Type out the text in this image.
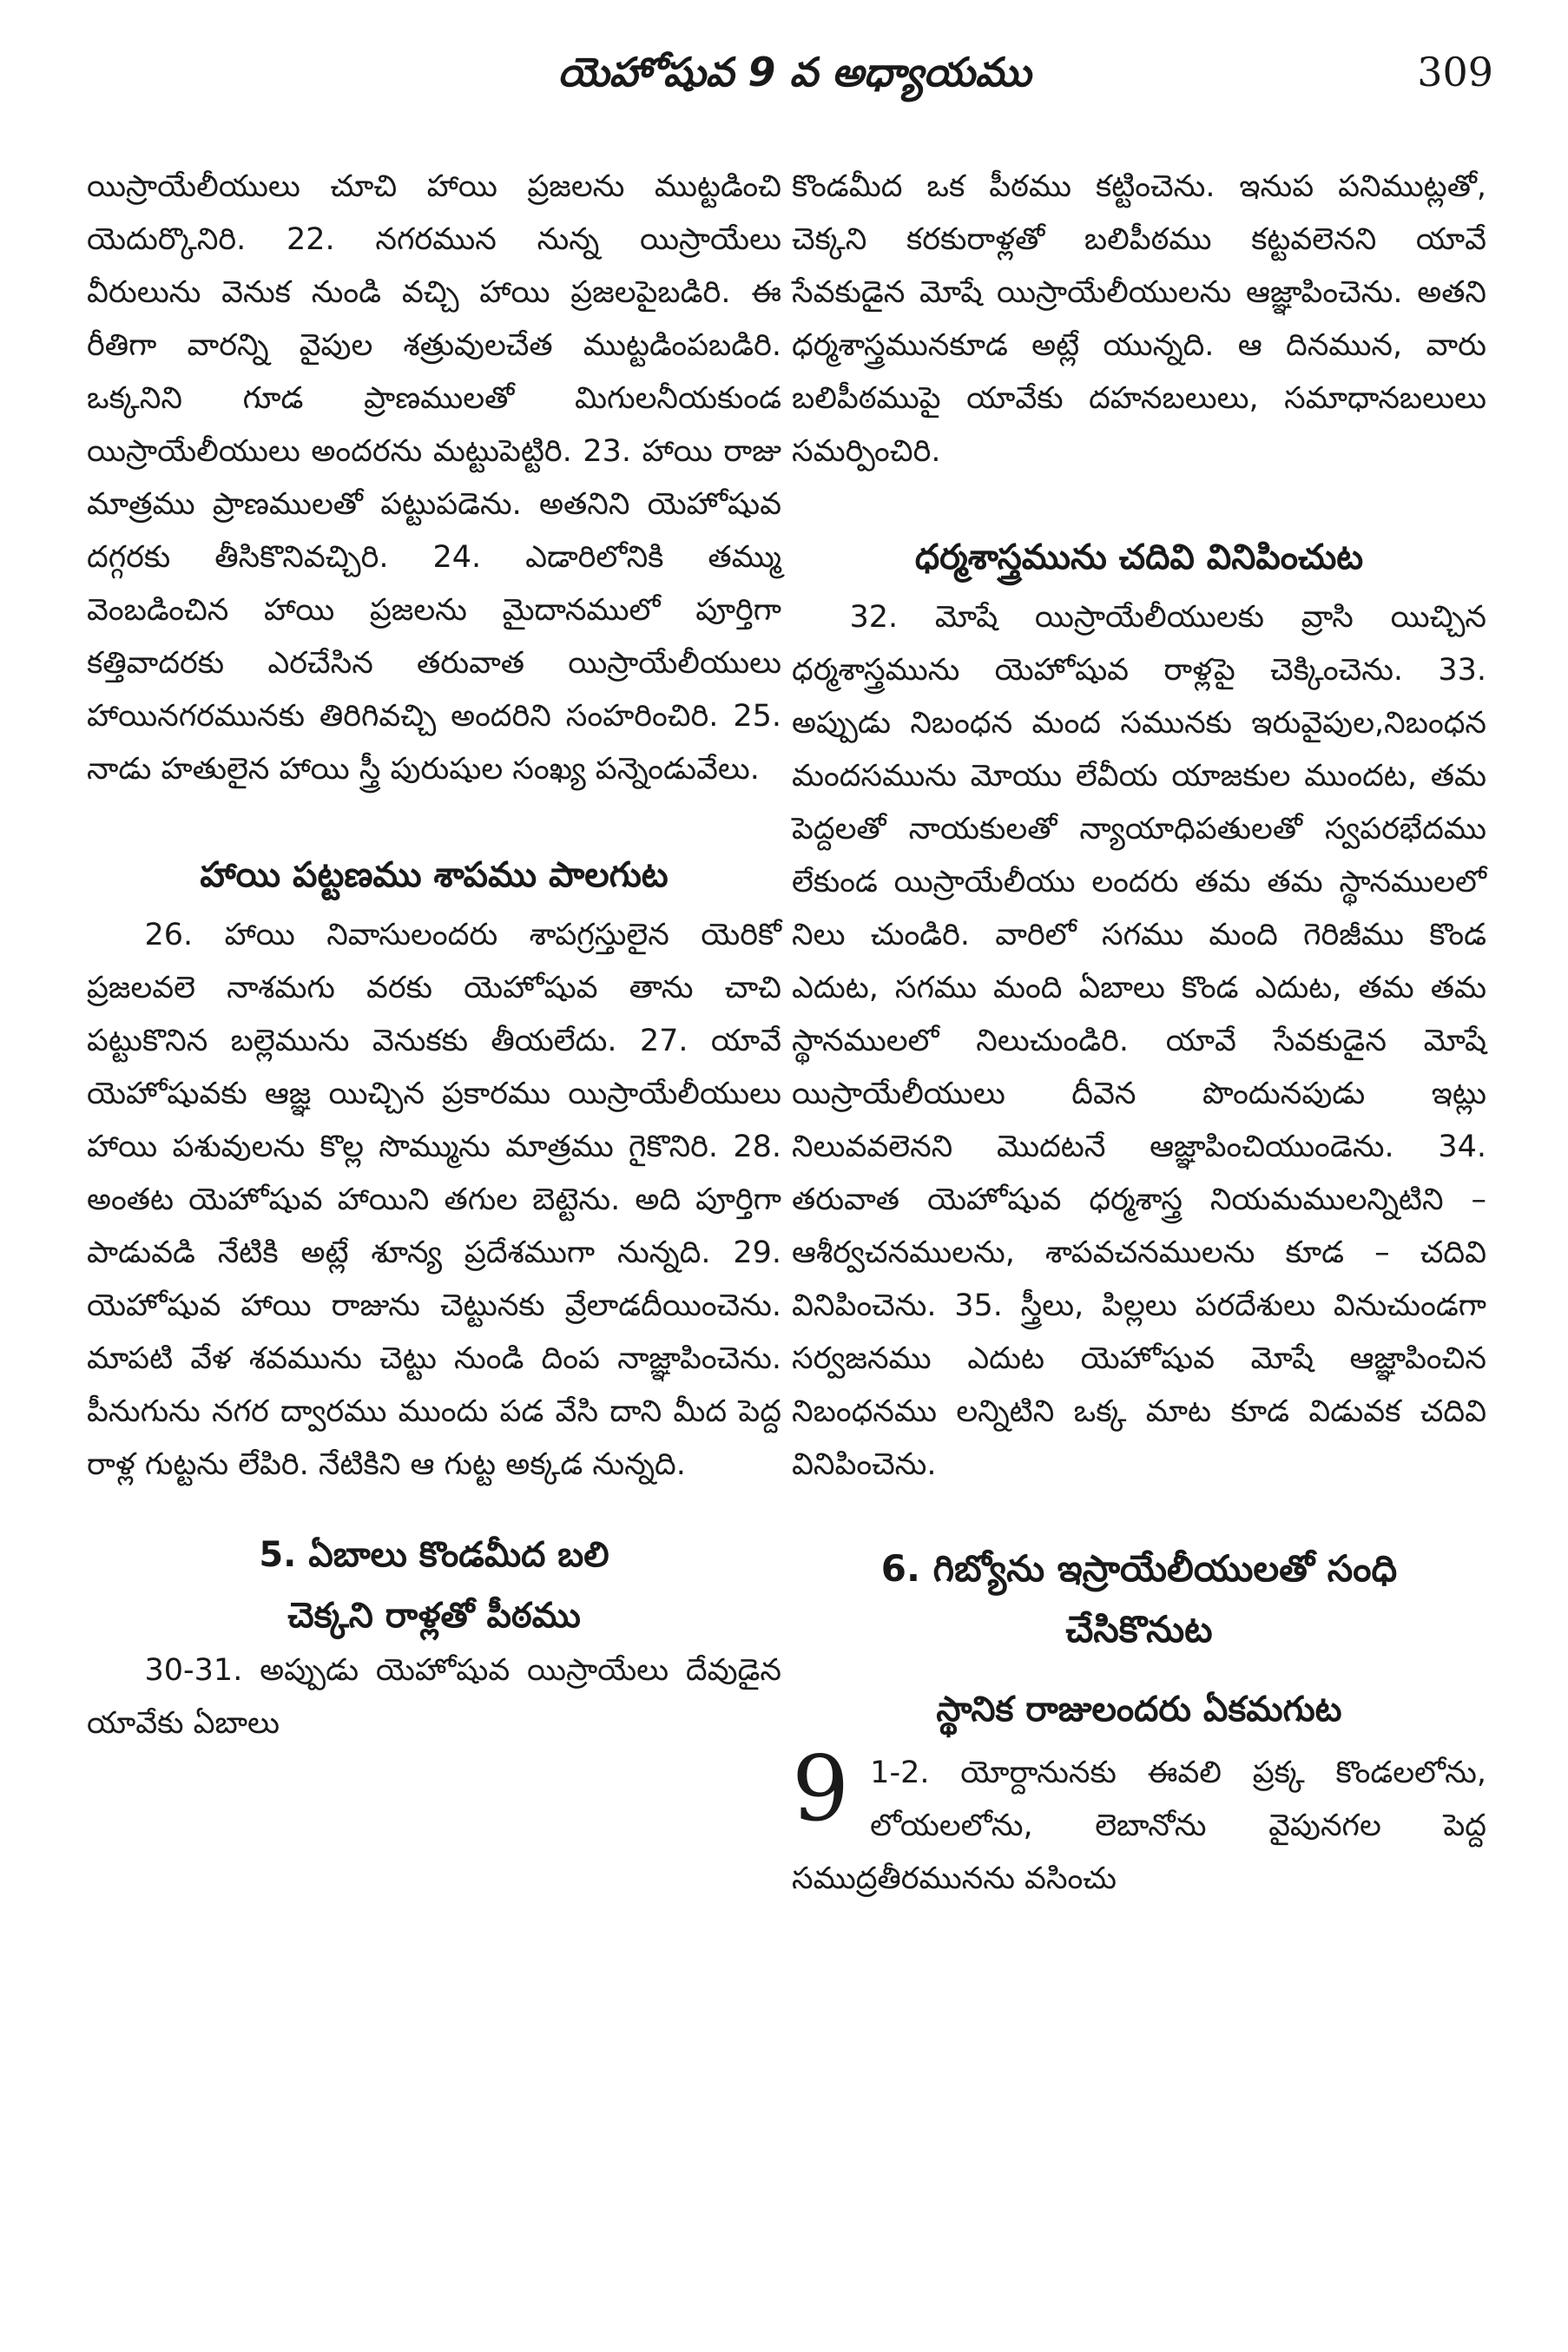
యెహోషువ 9 వ అధ్యాయము	309

యిస్రాయేలీయులు చూచి హాయి ప్రజలను ముట్టడించి యెదుర్కొనిరి. 22. నగరమున నున్న యిస్రాయేలు వీరులును వెనుక నుండి వచ్చి హాయి ప్రజలపైబడిరి. ఈ రీతిగా వారన్ని వైపుల శత్రువులచేత ముట్టడింపబడిరి. ఒక్కనిని గూడ ప్రాణములతో మిగులనీయకుండ యిస్రాయేలీయులు అందరను మట్టుపెట్టిరి. 23. హాయి రాజు మాత్రము ప్రాణములతో పట్టుపడెను. అతనిని యెహోషువ దగ్గరకు తీసికొనివచ్చిరి. 24. ఎడారిలోనికి తమ్ము వెంబడించిన హాయి ప్రజలను మైదానములో పూర్తిగా కత్తివాదరకు ఎరచేసిన తరువాత యిస్రాయేలీయులు హాయినగరమునకు తిరిగివచ్చి అందరిని సంహరించిరి. 25. నాడు హతులైన హాయి స్త్రీ పురుషుల సంఖ్య పన్నెండువేలు.

హాయి పట్టణము శాపము పాలగుట

26. హాయి నివాసులందరు శాపగ్రస్తులైన యెరికో ప్రజలవలె నాశమగు వరకు యెహోషువ తాను చాచి పట్టుకొనిన బల్లెమును వెనుకకు తీయలేదు. 27. యావే యెహోషువకు ఆజ్ఞ యిచ్చిన ప్రకారము యిస్రాయేలీయులు హాయి పశువులను కొల్ల సొమ్మును మాత్రము గైకొనిరి. 28. అంతట యెహోషువ హాయిని తగుల బెట్టెను. అది పూర్తిగా పాడువడి నేటికి అట్లే శూన్య ప్రదేశముగా నున్నది. 29. యెహోషువ హాయి రాజును చెట్టునకు వ్రేలాడదీయించెను. మాపటి వేళ శవమును చెట్టు నుండి దింప నాజ్ఞాపించెను. పీనుగును నగర ద్వారము ముందు పడ వేసి దాని మీద పెద్ద రాళ్ల గుట్టను లేపిరి. నేటికిని ఆ గుట్ట అక్కడ నున్నది.

5. ఏబాలు కొండమీద బలి
చెక్కని రాళ్లతో పీఠము

30-31. అప్పుడు యెహోషువ యిస్రాయేలు దేవుడైన యావేకు ఏబాలు

కొండమీద ఒక పీఠము కట్టించెను. ఇనుప పనిముట్లతో, చెక్కని కరకురాళ్లతో బలిపీఠము కట్టవలెనని యావే సేవకుడైన మోషే యిస్రాయేలీయులను ఆజ్ఞాపించెను. అతని ధర్మశాస్త్రమునకూడ అట్లే యున్నది. ఆ దినమున, వారు బలిపీఠముపై యావేకు దహనబలులు, సమాధానబలులు సమర్పించిరి.

ధర్మశాస్త్రమును చదివి వినిపించుట

32. మోషే యిస్రాయేలీయులకు వ్రాసి యిచ్చిన ధర్మశాస్త్రమును యెహోషువ రాళ్లపై చెక్కించెను. 33. అప్పుడు నిబంధన మంద సమునకు ఇరువైపుల,నిబంధన మందసమును మోయు లేవీయ యాజకుల ముందట, తమ పెద్దలతో నాయకులతో న్యాయాధిపతులతో స్వపరభేదము లేకుండ యిస్రాయేలీయు లందరు తమ తమ స్థానములలో నిలు చుండిరి. వారిలో సగము మంది గెరిజీము కొండ ఎదుట, సగము మంది ఏబాలు కొండ ఎదుట, తమ తమ స్థానములలో నిలుచుండిరి. యావే సేవకుడైన మోషే యిస్రాయేలీయులు దీవెన పొందునపుడు ఇట్లు నిలువవలెనని మొదటనే ఆజ్ఞాపించియుండెను. 34. తరువాత యెహోషువ ధర్మశాస్త్ర నియమములన్నిటిని – ఆశీర్వచనములను, శాపవచనములను కూడ – చదివి వినిపించెను. 35. స్త్రీలు, పిల్లలు పరదేశులు వినుచుండగా సర్వజనము ఎదుట యెహోషువ మోషే ఆజ్ఞాపించిన నిబంధనము లన్నిటిని ఒక్క మాట కూడ విడువక చదివి వినిపించెను.

6. గిబ్యోను ఇస్రాయేలీయులతో సంధి
చేసికొనుట
స్థానిక రాజులందరు ఏకమగుట

9 1-2. యోర్దానునకు ఈవలి ప్రక్క కొండలలోను, లోయలలోను, లెబానోను వైపునగల పెద్ద సముద్రతీరమునను వసించు
